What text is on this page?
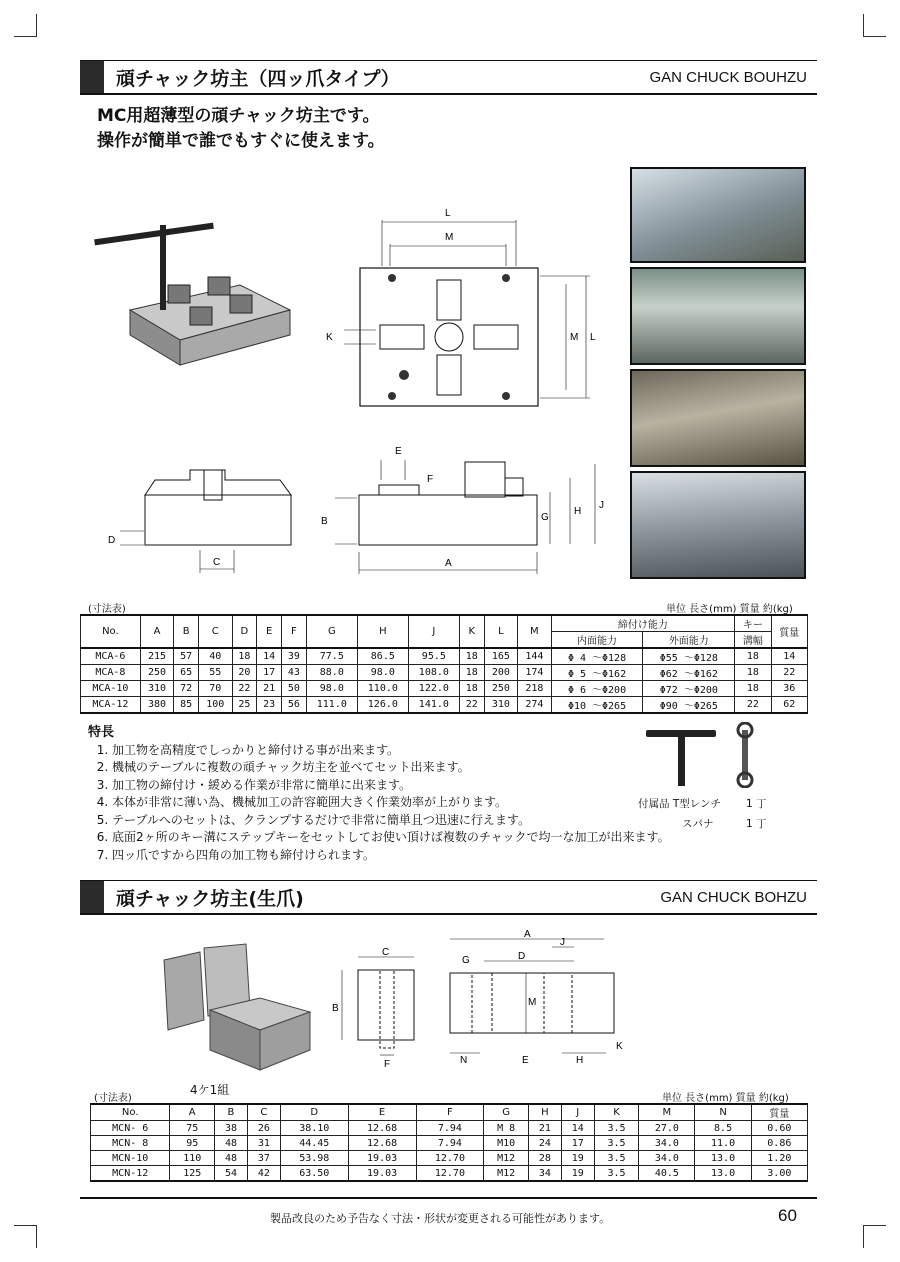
頑チャック坊主（四ッ爪タイプ）	GAN CHUCK BOUHZU
MC用超薄型の頑チャック坊主です。
操作が簡単で誰でもすぐに使えます。
L
M
L
M
K
D
C
E
F
B
A
G
H
J
(寸法表)	単位 長さ(mm) 質量 約(kg)
No.	A	B	C	D	E	F	G	H	J	K	L	M	締付け能力		キー	質量
													内面能力	外面能力	溝幅	
MCA-6	215	57	40	18	14	39	77.5	86.5	95.5	18	165	144	Φ 4 〜Φ128	Φ55 〜Φ128	18	14
MCA-8	250	65	55	20	17	43	88.0	98.0	108.0	18	200	174	Φ 5 〜Φ162	Φ62 〜Φ162	18	22
MCA-10	310	72	70	22	21	50	98.0	110.0	122.0	18	250	218	Φ 6 〜Φ200	Φ72 〜Φ200	18	36
MCA-12	380	85	100	25	23	56	111.0	126.0	141.0	22	310	274	Φ10 〜Φ265	Φ90 〜Φ265	22	62
特長
1. 加工物を高精度でしっかりと締付ける事が出来ます。
2. 機械のテーブルに複数の頑チャック坊主を並べてセット出来ます。
3. 加工物の締付け・緩める作業が非常に簡単に出来ます。
4. 本体が非常に薄い為、機械加工の許容範囲大きく作業効率が上がります。
5. テーブルへのセットは、クランプするだけで非常に簡単且つ迅速に行えます。
6. 底面2ヶ所のキー溝にステップキーをセットしてお使い頂けば複数のチャックで均一な加工が出来ます。
7. 四ッ爪ですから四角の加工物も締付けられます。
付属品 T型レンチ 1 丁
スパナ	1 丁
頑チャック坊主(生爪)	GAN CHUCK BOHZU
C
B
F
A
D
J
G
M
N	E	H
K
(寸法表)
4ケ1組
単位 長さ(mm) 質量 約(kg)
No.	A	B	C	D	E	F	G	H	J	K	M	N	質量
MCN- 6	75	38	26	38.10	12.68	7.94	M 8	21	14	3.5	27.0	8.5	0.60
MCN- 8	95	48	31	44.45	12.68	7.94	M10	24	17	3.5	34.0	11.0	0.86
MCN-10	110	48	37	53.98	19.03	12.70	M12	28	19	3.5	34.0	13.0	1.20
MCN-12	125	54	42	63.50	19.03	12.70	M12	34	19	3.5	40.5	13.0	3.00
製品改良のため予告なく寸法・形状が変更される可能性があります。	60
